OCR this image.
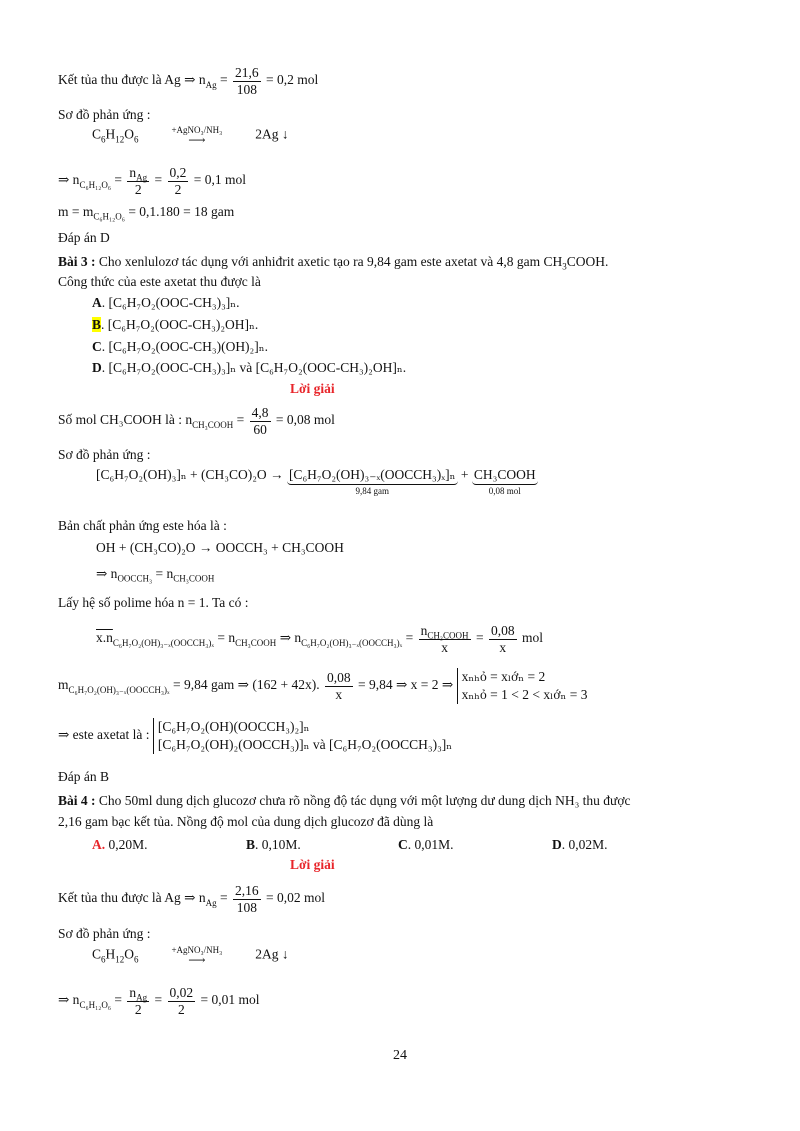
Kết tủa thu được là Ag ⇒ $n_{Ag} = \frac{21,6}{108} = 0,2$ mol
Sơ đồ phản ứng :
$C_6H_{12}O_6$
+AgNO₃/NH₃
⟶	2Ag ↓
⇒ $n_{C_6H_{12}O_6} = \frac{n_{Ag}}{2} = \frac{0,2}{2} = 0,1$ mol
$m = m_{C_6H_{12}O_6} = 0,1.180 = 18$ gam
Đáp án D
Bài 3 : Cho xenlulozơ tác dụng với anhiđrit axetic tạo ra 9,84 gam este axetat và 4,8 gam $CH_3COOH$.
Công thức của este axetat thu được là
A. [C₆H₇O₂(OOC-CH₃)₃]ₙ.
B. [C₆H₇O₂(OOC-CH₃)₂OH]ₙ.
C. [C₆H₇O₂(OOC-CH₃)(OH)₂]ₙ.
D. [C₆H₇O₂(OOC-CH₃)₃]ₙ và [C₆H₇O₂(OOC-CH₃)₂OH]ₙ.
Lời giải
Số mol CH₃COOH là : $n_{CH_3COOH} = \frac{4,8}{60} = 0,08$ mol
Sơ đồ phản ứng :
[C₆H₇O₂(OH)₃]ₙ + (CH₃CO)₂O → [C₆H₇O₂(OH)₃₋ₓ(OOCCH₃)ₓ]ₙ
9,84 gam
+ CH₃COOH
0,08 mol
Bản chất phản ứng este hóa là :
OH + (CH₃CO)₂O → OOCCH₃ + CH₃COOH
⇒ $n_{OOCCH_3} = n_{CH_3COOH}$
Lấy hệ số polime hóa n = 1. Ta có :
$x.n_{C_6H_7O_2(OH)_{3-x}(OOCCH_3)_x} = n_{CH_3COOH}$ ⇒ $n_{C_6H_7O_2(OH)_{3-x}(OOCCH_3)_x} = \frac{n_{CH_3COOH}}{x} = \frac{0,08}{x}$ mol
$m_{C_6H_7O_2(OH)_{3-x}(OOCCH_3)_x} = 9,84$ gam ⇒ (162 + 42x). $\frac{0,08}{x} = 9,84$ ⇒ x = 2 ⇒
xₙₕỏ = xₗớₙ = 2
xₙₕỏ = 1 < 2 < xₗớₙ = 3
⇒ este axetat là :
[C₆H₇O₂(OH)(OOCCH₃)₂]ₙ
[C₆H₇O₂(OH)₂(OOCCH₃)]ₙ và [C₆H₇O₂(OOCCH₃)₃]ₙ
Đáp án B
Bài 4 : Cho 50ml dung dịch glucozơ chưa rõ nồng độ tác dụng với một lượng dư dung dịch NH₃ thu được
2,16 gam bạc kết tủa. Nồng độ mol của dung dịch glucozơ đã dùng là
A. 0,20M.	B. 0,10M.	C. 0,01M.	D. 0,02M.
Lời giải
Kết tủa thu được là Ag ⇒ $n_{Ag} = \frac{2,16}{108} = 0,02$ mol
Sơ đồ phản ứng :
$C_6H_{12}O_6$
+AgNO₃/NH₃
⟶	2Ag ↓
⇒ $n_{C_6H_{12}O_6} = \frac{n_{Ag}}{2} = \frac{0,02}{2} = 0,01$ mol
24
